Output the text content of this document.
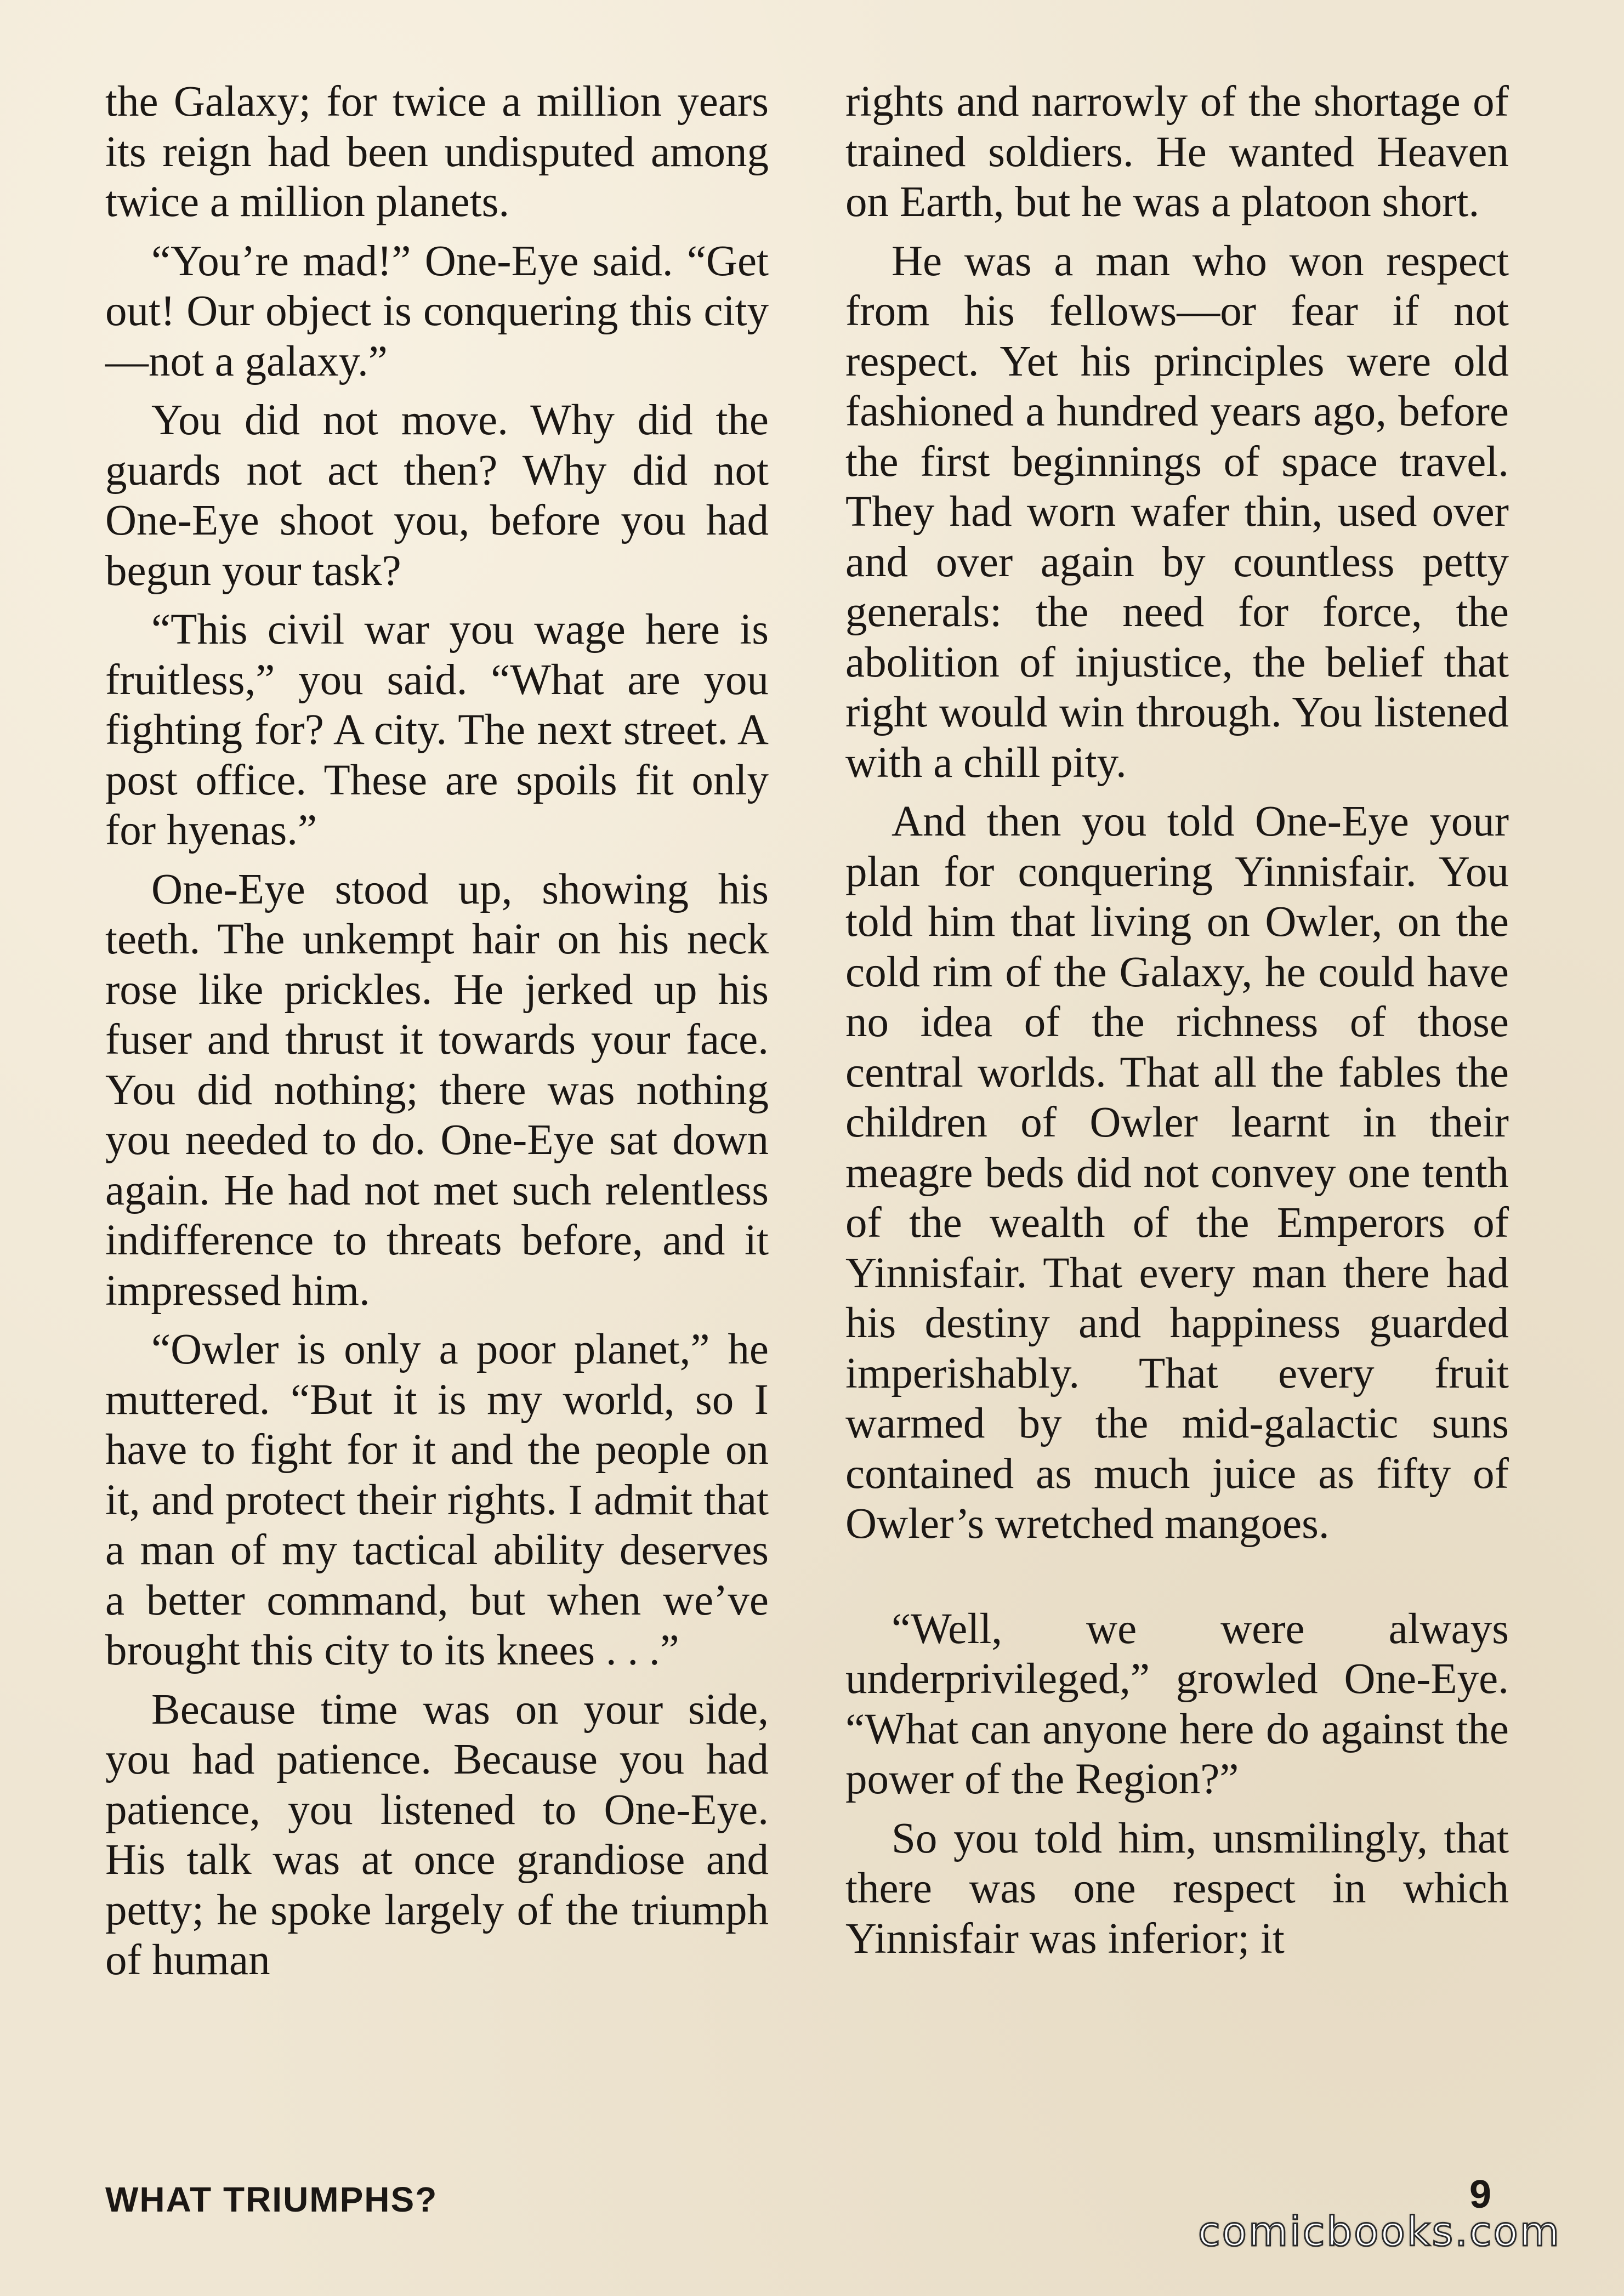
the Galaxy; for twice a million years its reign had been undisputed among twice a million planets.

“You’re mad!” One-Eye said. “Get out! Our object is conquering this city—not a galaxy.”

You did not move. Why did the guards not act then? Why did not One-Eye shoot you, before you had begun your task?

“This civil war you wage here is fruitless,” you said. “What are you fighting for? A city. The next street. A post office. These are spoils fit only for hyenas.”

One-Eye stood up, showing his teeth. The unkempt hair on his neck rose like prickles. He jerked up his fuser and thrust it towards your face. You did nothing; there was nothing you needed to do. One-Eye sat down again. He had not met such relentless indifference to threats before, and it impressed him.

“Owler is only a poor planet,” he muttered. “But it is my world, so I have to fight for it and the people on it, and protect their rights. I admit that a man of my tactical ability deserves a better command, but when we’ve brought this city to its knees . . .”

Because time was on your side, you had patience. Because you had patience, you listened to One-Eye. His talk was at once grandiose and petty; he spoke largely of the triumph of human

rights and narrowly of the shortage of trained soldiers. He wanted Heaven on Earth, but he was a platoon short.

He was a man who won respect from his fellows—or fear if not respect. Yet his principles were old fashioned a hundred years ago, before the first beginnings of space travel. They had worn wafer thin, used over and over again by countless petty generals: the need for force, the abolition of injustice, the belief that right would win through. You listened with a chill pity.

And then you told One-Eye your plan for conquering Yinnisfair. You told him that living on Owler, on the cold rim of the Galaxy, he could have no idea of the richness of those central worlds. That all the fables the children of Owler learnt in their meagre beds did not convey one tenth of the wealth of the Emperors of Yinnisfair. That every man there had his destiny and happiness guarded imperishably. That every fruit warmed by the mid-galactic suns contained as much juice as fifty of Owler’s wretched mangoes.

“Well, we were always underprivileged,” growled One-Eye. “What can anyone here do against the power of the Region?”

So you told him, unsmilingly, that there was one respect in which Yinnisfair was inferior; it

WHAT TRIUMPHS?	9
comicbooks.com
